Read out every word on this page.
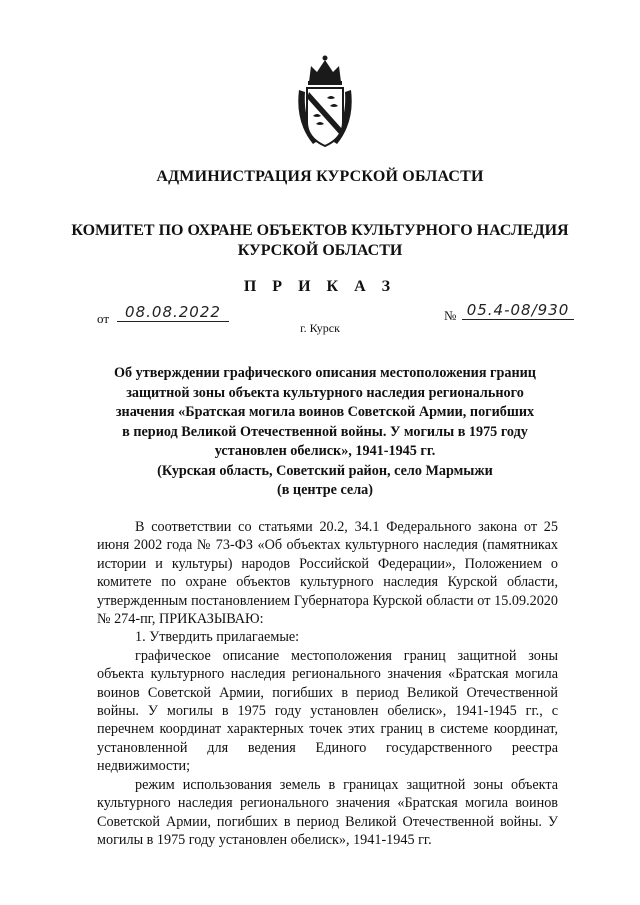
АДМИНИСТРАЦИЯ КУРСКОЙ ОБЛАСТИ
КОМИТЕТ ПО ОХРАНЕ ОБЪЕКТОВ КУЛЬТУРНОГО НАСЛЕДИЯ
КУРСКОЙ ОБЛАСТИ
П Р И К А З
от	08.08.2022	№ 05.4-08/930
г. Курск
Об утверждении графического описания местоположения границ
защитной зоны объекта культурного наследия регионального
значения «Братская могила воинов Советской Армии, погибших
в период Великой Отечественной войны. У могилы в 1975 году
установлен обелиск», 1941-1945 гг.
(Курская область, Советский район, село Мармыжи
(в центре села)

В соответствии со статьями 20.2, 34.1 Федерального закона от 25 июня 2002 года № 73-ФЗ «Об объектах культурного наследия (памятниках истории и культуры) народов Российской Федерации», Положением о комитете по охране объектов культурного наследия Курской области, утвержденным постановлением Губернатора Курской области от 15.09.2020 № 274-пг, ПРИКАЗЫВАЮ:

1. Утвердить прилагаемые:

графическое описание местоположения границ защитной зоны объекта культурного наследия регионального значения «Братская могила воинов Советской Армии, погибших в период Великой Отечественной войны. У могилы в 1975 году установлен обелиск», 1941-1945 гг., с перечнем координат характерных точек этих границ в системе координат, установленной для ведения Единого государственного реестра недвижимости;

режим использования земель в границах защитной зоны объекта культурного наследия регионального значения «Братская могила воинов Советской Армии, погибших в период Великой Отечественной войны. У могилы в 1975 году установлен обелиск», 1941-1945 гг.
